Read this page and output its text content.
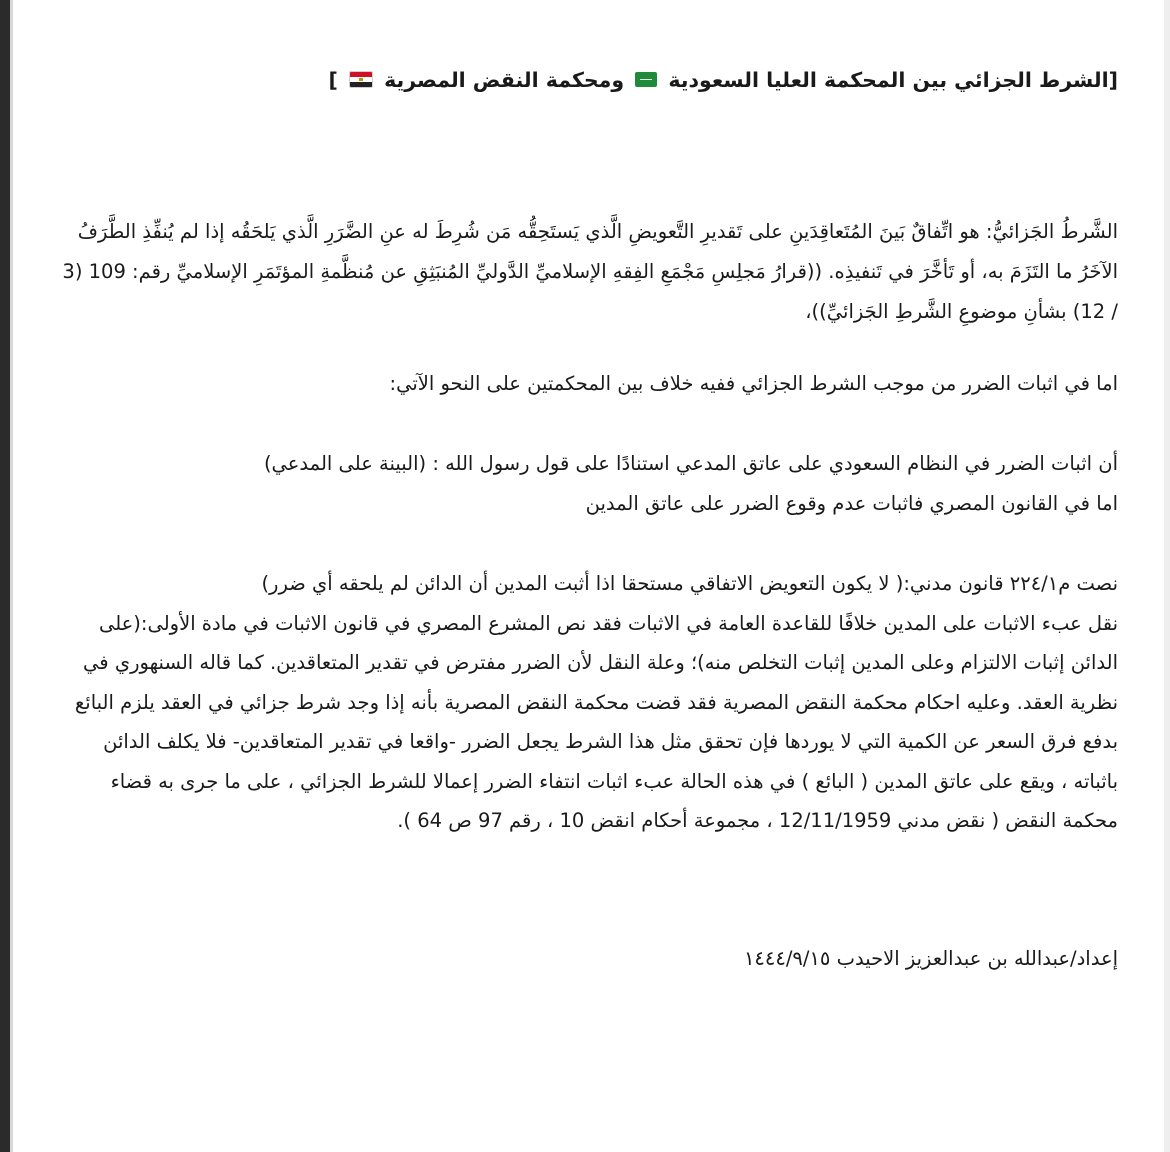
[الشرط الجزائي بين المحكمة العليا السعودية  ومحكمة النقض المصرية  ]

الشَّرطُ الجَزائيُّ: هو اتِّفاقٌ بَينَ المُتَعاقِدَينِ على تَقديرِ التَّعويضِ الَّذي يَستَحِقُّه مَن شُرِطَ له عنِ الضَّرَرِ الَّذي يَلحَقُه إذا لم يُنفِّذِ الطَّرَفُ الآخَرُ ما التَزَمَ به، أو تَأخَّرَ في تَنفيذِه. ((قرارُ مَجلِسِ مَجْمَعِ الفِقهِ الإسلاميِّ الدَّوليِّ المُنبَثِقِ عن مُنظَّمةِ المؤتَمَرِ الإسلاميِّ رقم: 109 (3 / 12) بشأنِ موضوعِ الشَّرطِ الجَزائيِّ))،

اما في اثبات الضرر من موجب الشرط الجزائي ففيه خلاف بين المحكمتين على النحو الآتي:

أن اثبات الضرر في النظام السعودي على عاتق المدعي استنادًا على قول رسول الله : (البينة على المدعي)

اما في القانون المصري فاثبات عدم وقوع الضرر على عاتق المدين

نصت م٢٢٤/١ قانون مدني:( لا يكون التعويض الاتفاقي مستحقا اذا أثبت المدين أن الدائن لم يلحقه أي ضرر)

نقل عبء الاثبات على المدين خلافًا للقاعدة العامة في الاثبات فقد نص المشرع المصري في قانون الاثبات في مادة الأولى:(على الدائن إثبات الالتزام وعلى المدين إثبات التخلص منه)؛ وعلة النقل لأن الضرر مفترض في تقدير المتعاقدين. كما قاله السنهوري في نظرية العقد. وعليه احكام محكمة النقض المصرية فقد قضت محكمة النقض المصرية بأنه إذا وجد شرط جزائي في العقد يلزم البائع بدفع فرق السعر عن الكمية التي لا يوردها فإن تحقق مثل هذا الشرط يجعل الضرر -واقعا في تقدير المتعاقدين- فلا يكلف الدائن باثباته ، ويقع على عاتق المدين ( البائع ) في هذه الحالة عبء اثبات انتفاء الضرر إعمالا للشرط الجزائي ، على ما جرى به قضاء محكمة النقض ( نقض مدني 12/11/1959 ، مجموعة أحكام انقض 10 ، رقم 97 ص 64 ).

إعداد/عبدالله بن عبدالعزيز الاحيدب ١٤٤٤/٩/١٥
